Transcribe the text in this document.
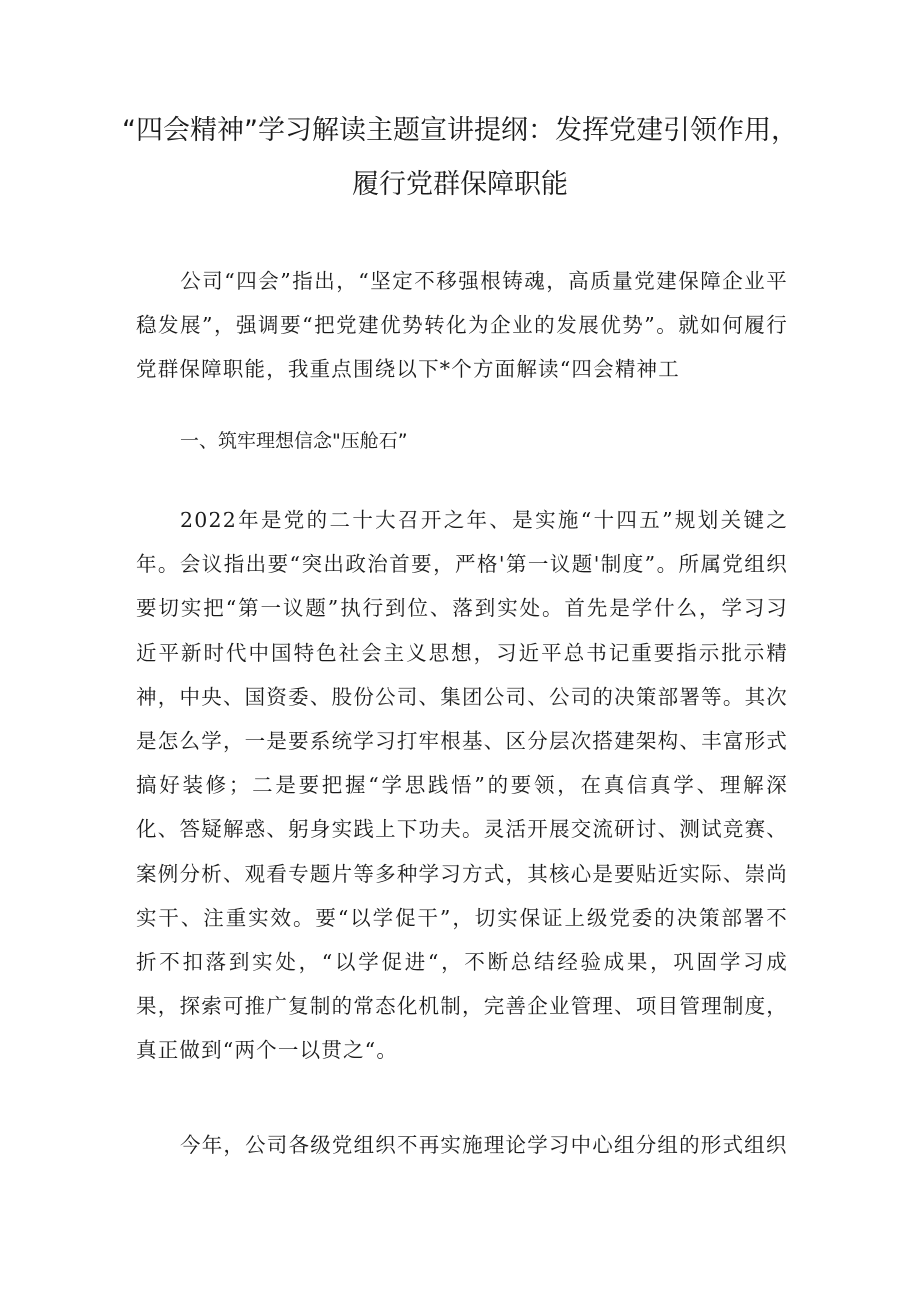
“四会精神”学习解读主题宣讲提纲：发挥党建引领作用，履行党群保障职能

公司“四会”指出，“坚定不移强根铸魂，高质量党建保障企业平稳发展”，强调要“把党建优势转化为企业的发展优势”。就如何履行党群保障职能，我重点围绕以下*个方面解读“四会精神工

一、筑牢理想信念"压舱石”

2022年是党的二十大召开之年、是实施“十四五”规划关键之年。会议指出要“突出政治首要，严格'第一议题'制度”。所属党组织要切实把“第一议题”执行到位、落到实处。首先是学什么，学习习近平新时代中国特色社会主义思想，习近平总书记重要指示批示精神，中央、国资委、股份公司、集团公司、公司的决策部署等。其次是怎么学，一是要系统学习打牢根基、区分层次搭建架构、丰富形式搞好装修；二是要把握“学思践悟”的要领，在真信真学、理解深化、答疑解惑、躬身实践上下功夫。灵活开展交流研讨、测试竞赛、案例分析、观看专题片等多种学习方式，其核心是要贴近实际、崇尚实干、注重实效。要“以学促干”，切实保证上级党委的决策部署不折不扣落到实处，“以学促进“，不断总结经验成果，巩固学习成果，探索可推广复制的常态化机制，完善企业管理、项目管理制度，真正做到“两个一以贯之“。

今年，公司各级党组织不再实施理论学习中心组分组的形式组织
